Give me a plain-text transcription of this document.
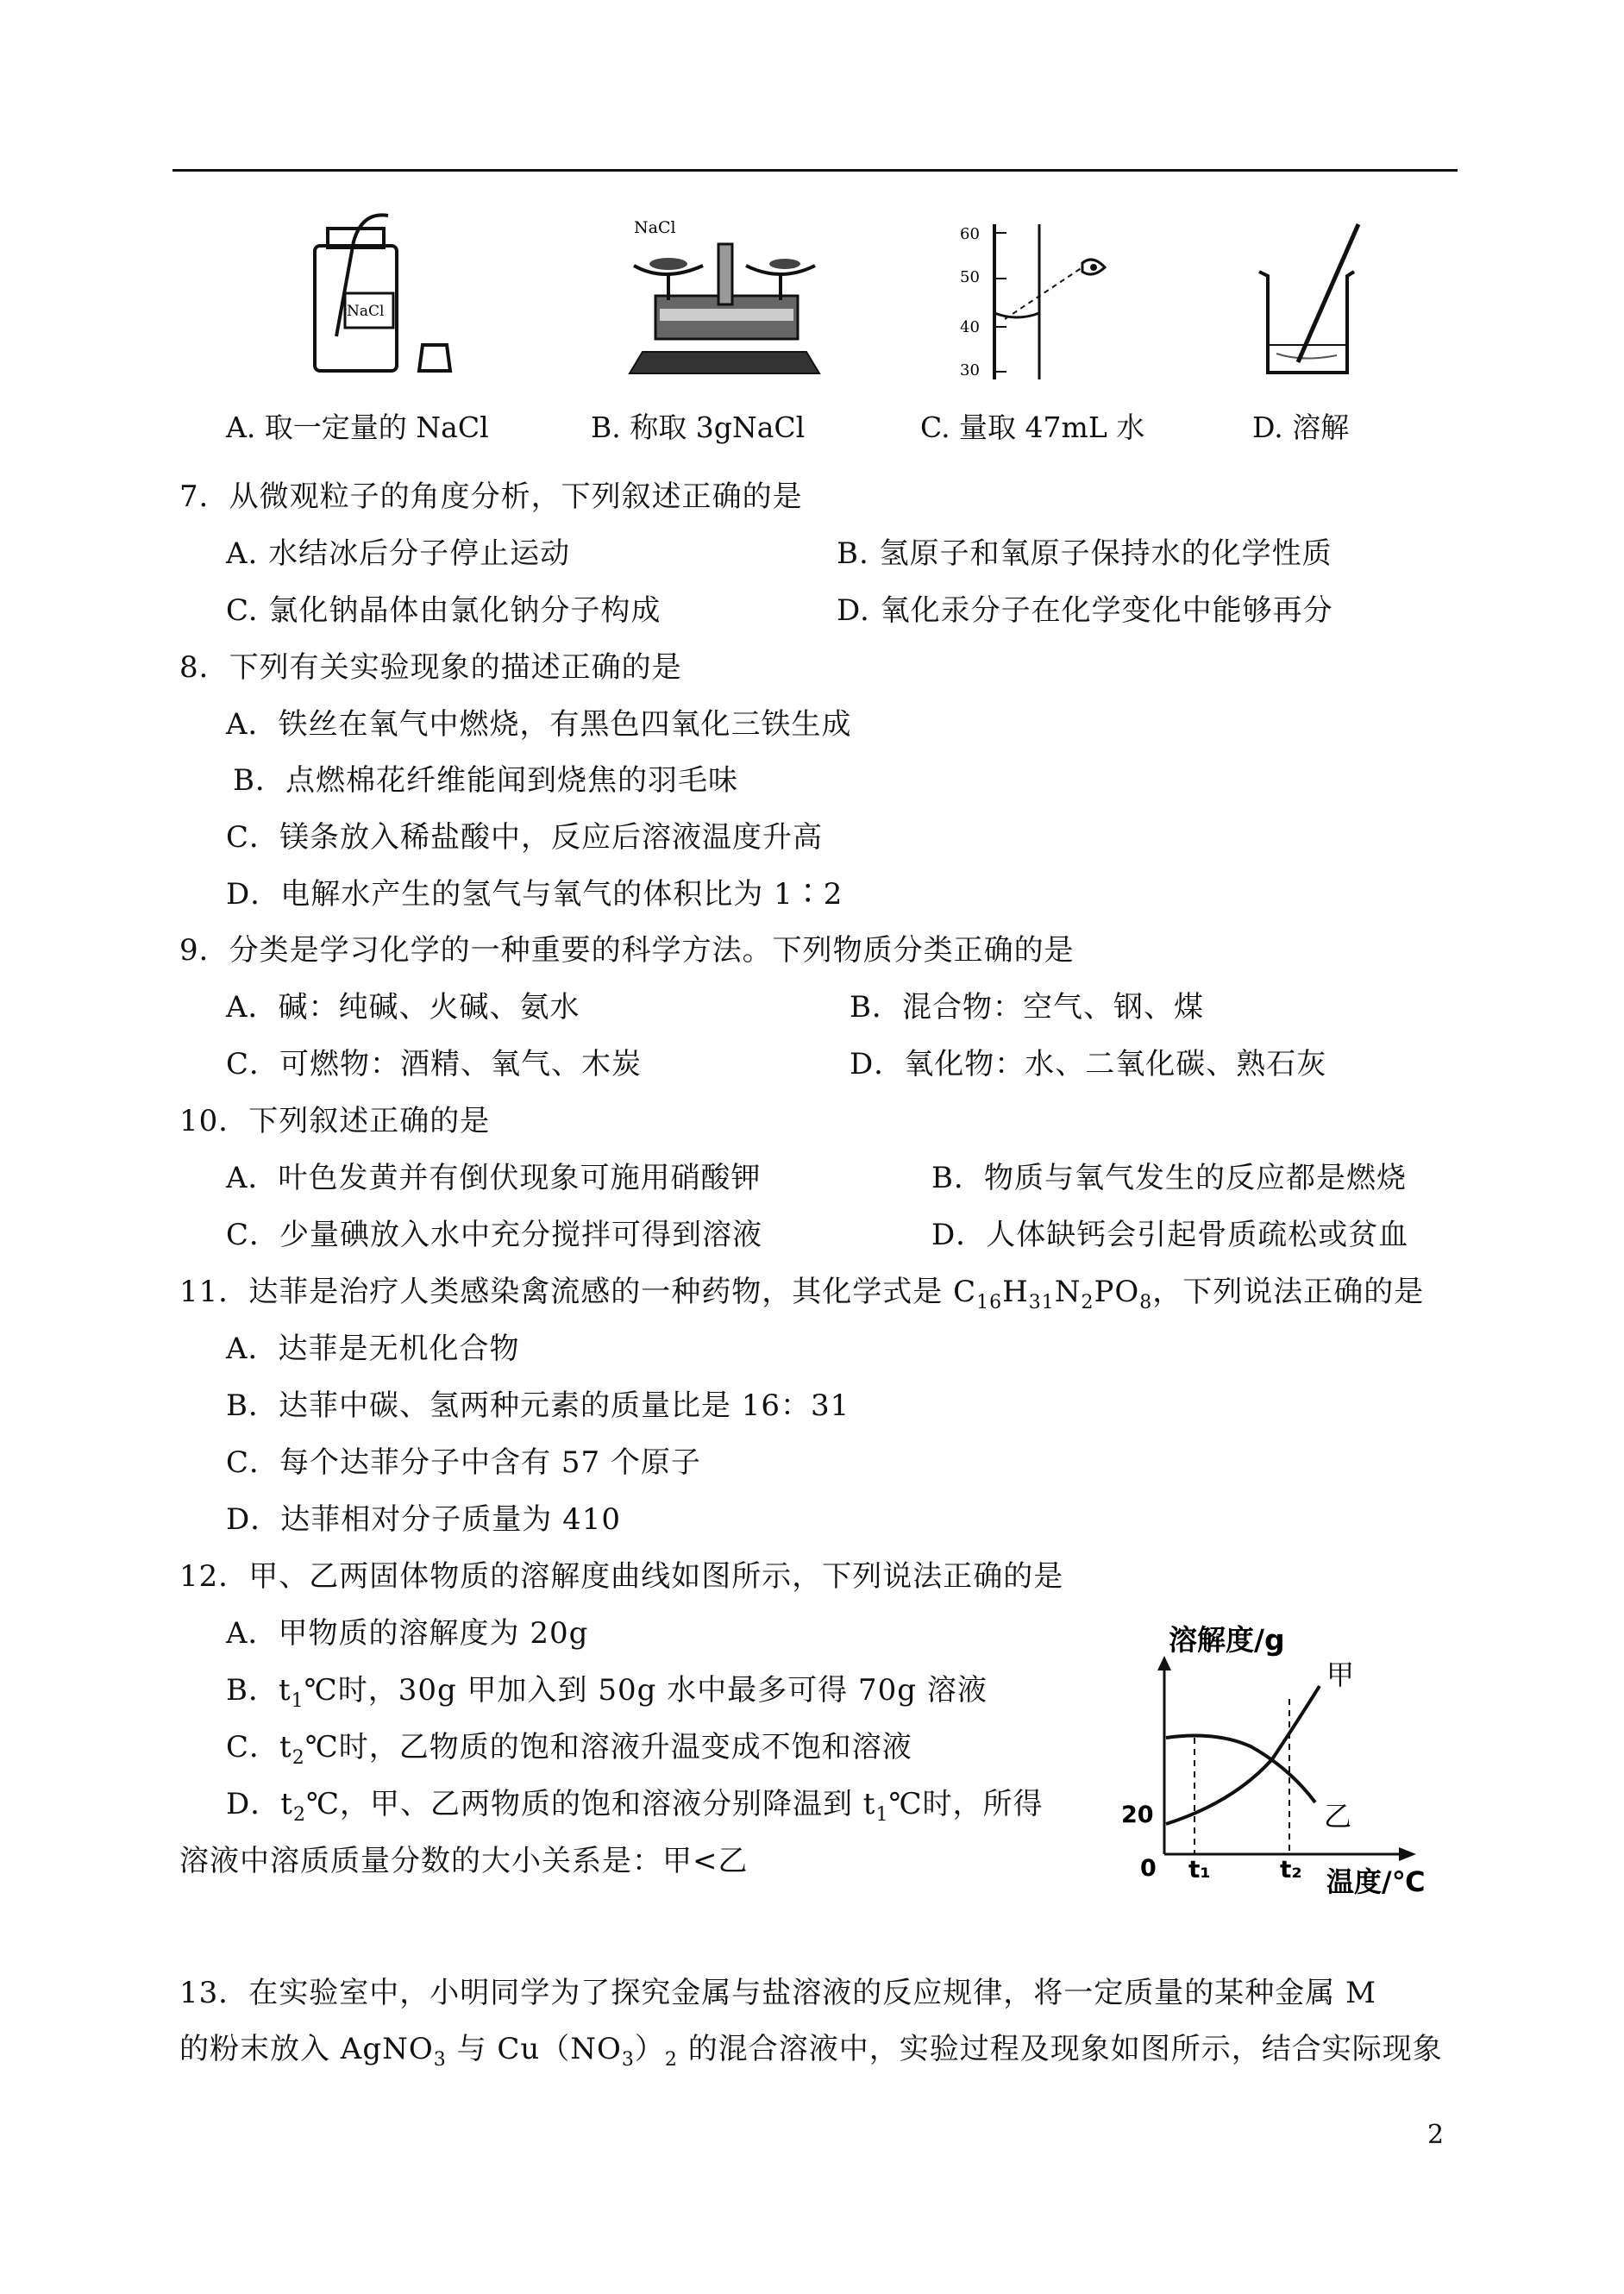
NaCl
NaCl	60
50
40
30
A. 取一定量的 NaCl	B. 称取 3gNaCl	C. 量取 47mL 水	D. 溶解
7．从微观粒子的角度分析，下列叙述正确的是
A. 水结冰后分子停止运动	B. 氢原子和氧原子保持水的化学性质
C. 氯化钠晶体由氯化钠分子构成	D. 氧化汞分子在化学变化中能够再分
8．下列有关实验现象的描述正确的是
A．铁丝在氧气中燃烧，有黑色四氧化三铁生成
B．点燃棉花纤维能闻到烧焦的羽毛味
C．镁条放入稀盐酸中，反应后溶液温度升高
D．电解水产生的氢气与氧气的体积比为 1∶2
9．分类是学习化学的一种重要的科学方法。下列物质分类正确的是
A．碱：纯碱、火碱、氨水	B．混合物：空气、钢、煤
C．可燃物：酒精、氧气、木炭	D．氧化物：水、二氧化碳、熟石灰
10．下列叙述正确的是
A．叶色发黄并有倒伏现象可施用硝酸钾	B．物质与氧气发生的反应都是燃烧
C．少量碘放入水中充分搅拌可得到溶液	D．人体缺钙会引起骨质疏松或贫血
11．达菲是治疗人类感染禽流感的一种药物，其化学式是 $C_{16}H_{31}N_2PO_8$，下列说法正确的是
A．达菲是无机化合物
B．达菲中碳、氢两种元素的质量比是 16：31
C．每个达菲分子中含有 57 个原子
D．达菲相对分子质量为 410
12．甲、乙两固体物质的溶解度曲线如图所示，下列说法正确的是
A．甲物质的溶解度为 20g
B．$t_1℃$时，30g 甲加入到 50g 水中最多可得 70g 溶液
C．$t_2℃$时，乙物质的饱和溶液升温变成不饱和溶液
D．$t_2℃$，甲、乙两物质的饱和溶液分别降温到 $t_1℃$时，所得
溶液中溶质质量分数的大小关系是：甲<乙
溶解度/g
0
20
t₁	t₂ 温度/℃
甲
乙
13．在实验室中，小明同学为了探究金属与盐溶液的反应规律，将一定质量的某种金属 M
的粉末放入 AgNO$_3$ 与 $Cu(NO_3)_2$ 的混合溶液中，实验过程及现象如图所示，结合实际现象
2
